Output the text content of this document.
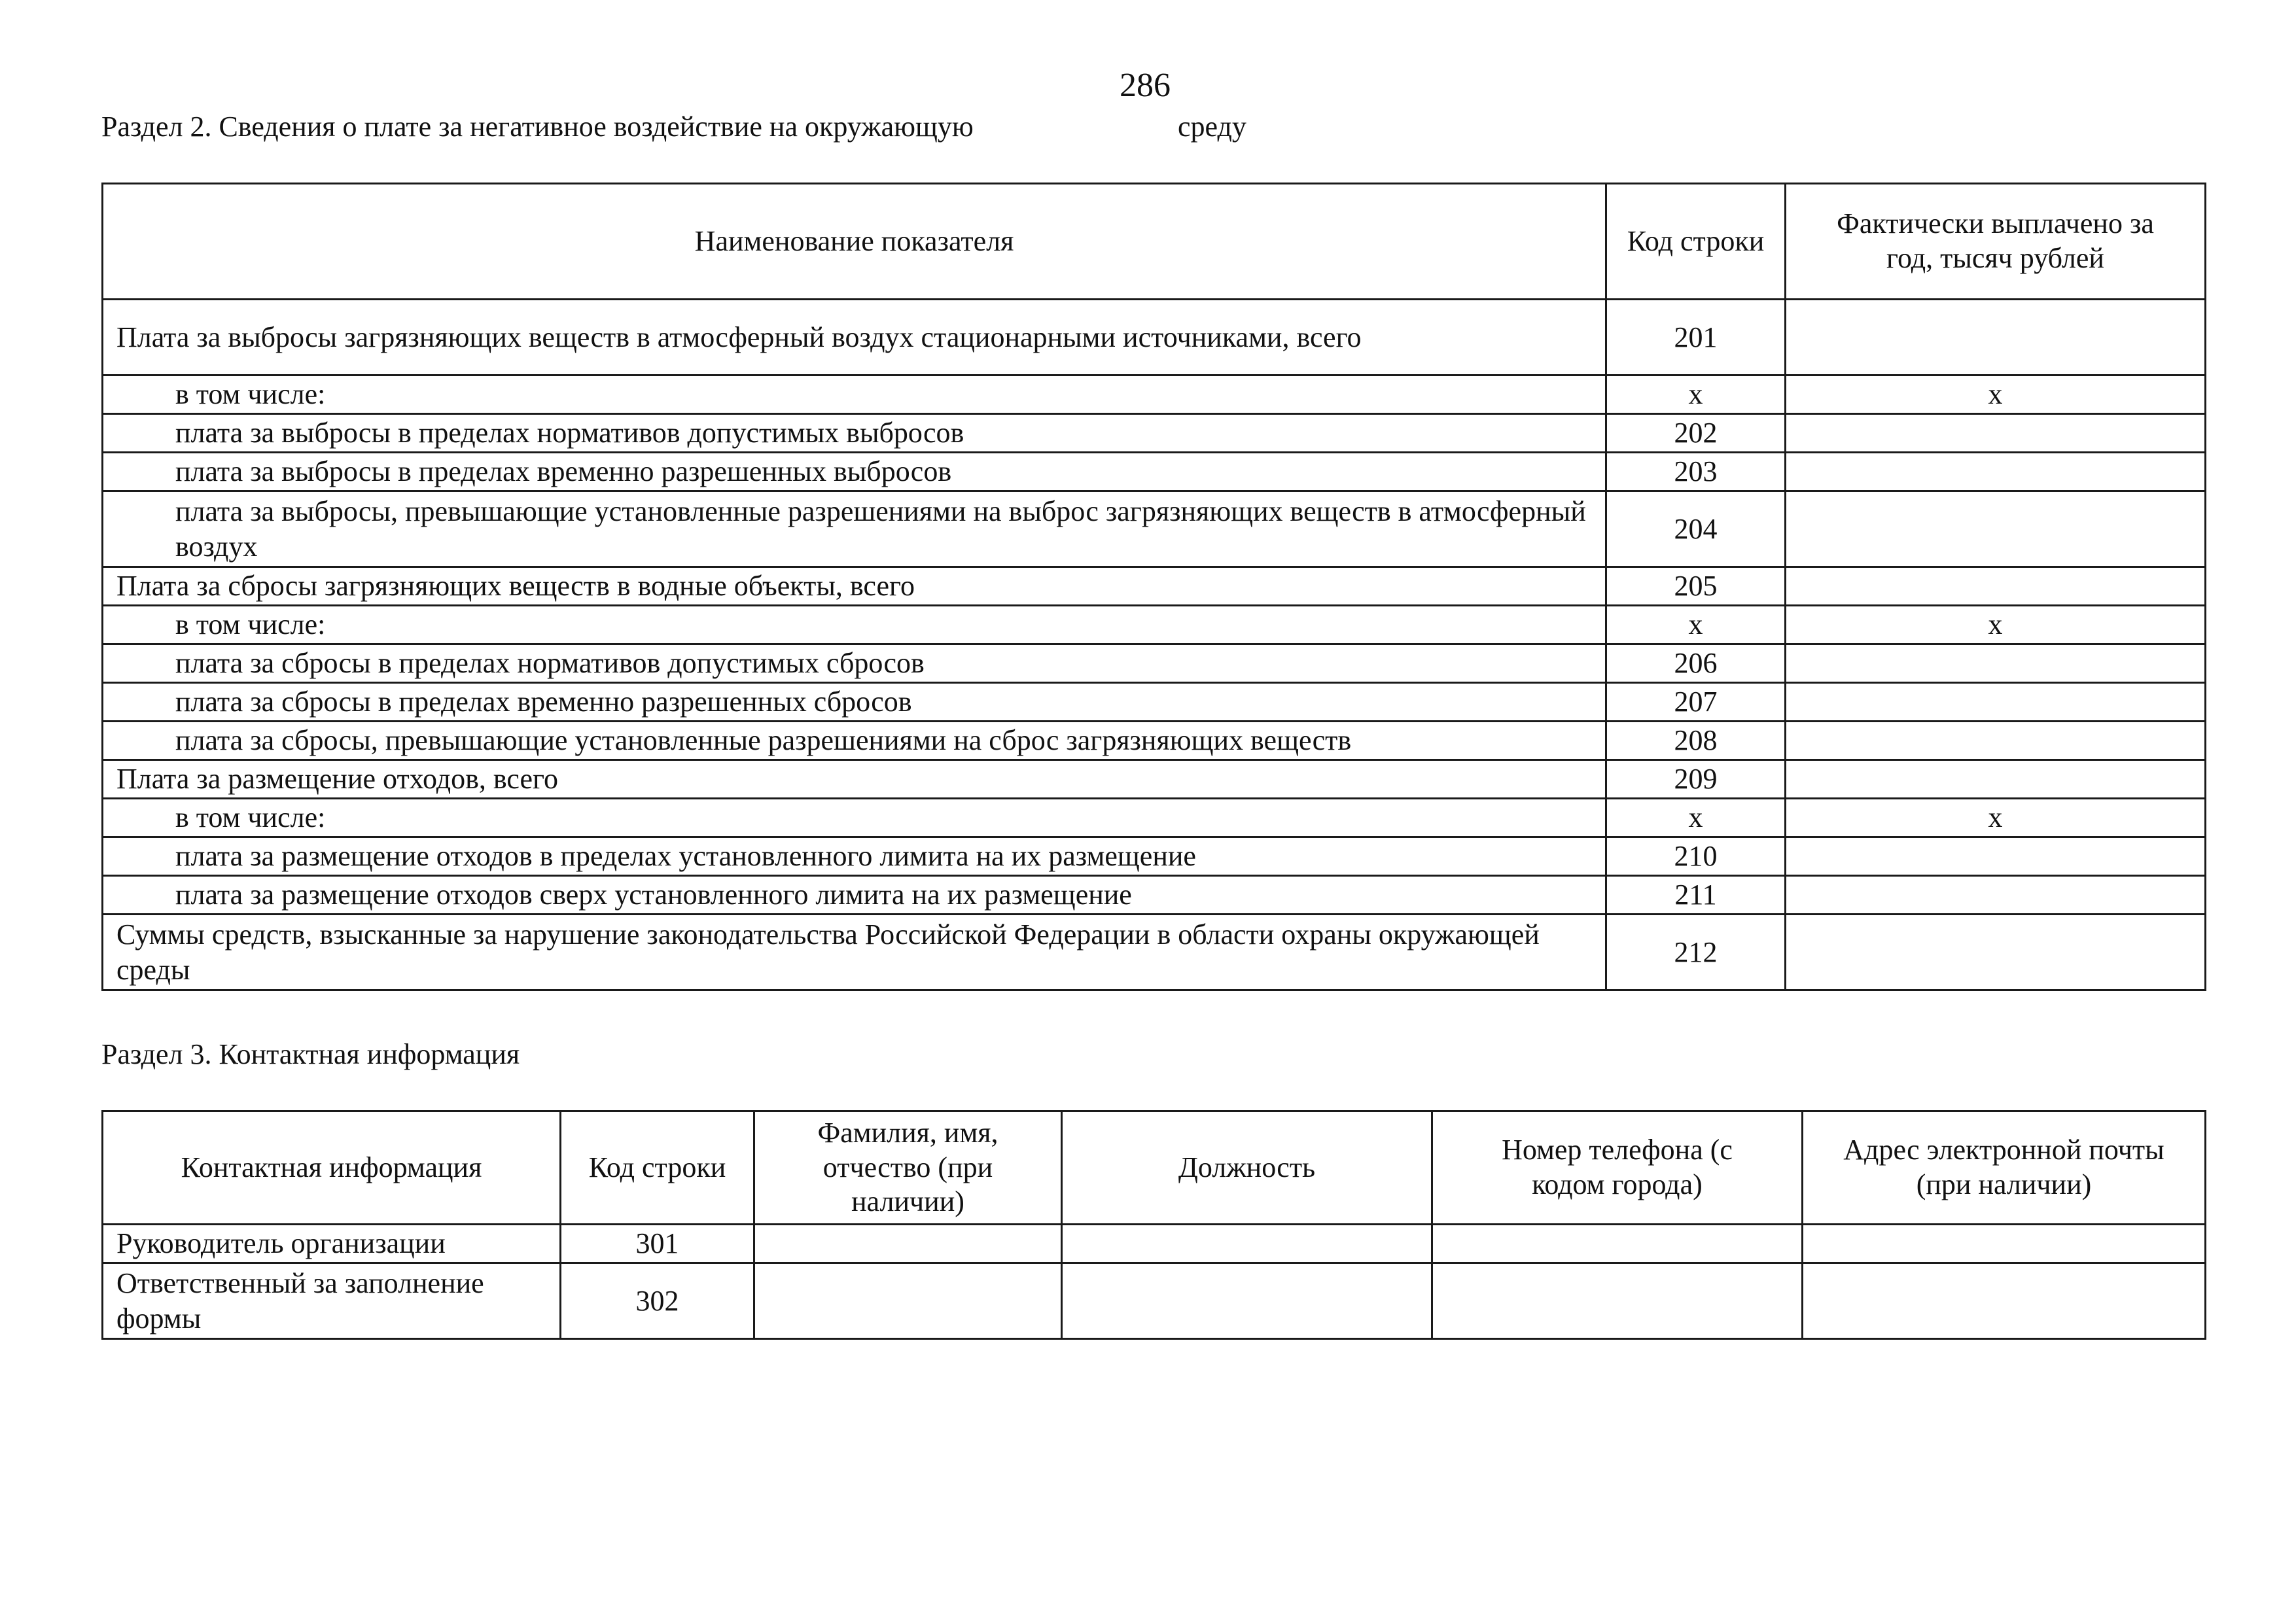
286
Раздел 2. Сведения о плате за негативное воздействие на окружающую	среду
Наименование показателя	Код строки	Фактически выплачено за год, тысяч рублей
Плата за выбросы загрязняющих веществ в атмосферный воздух стационарными источниками, всего	201	
в том числе:	х	х
плата за выбросы в пределах нормативов допустимых выбросов	202	
плата за выбросы в пределах временно разрешенных выбросов	203	
плата за выбросы, превышающие установленные разрешениями на выброс загрязняющих веществ в атмосферный воздух	204	
Плата за сбросы загрязняющих веществ в водные объекты, всего	205	
в том числе:	х	х
плата за сбросы в пределах нормативов допустимых сбросов	206	
плата за сбросы в пределах временно разрешенных сбросов	207	
плата за сбросы, превышающие установленные разрешениями на сброс загрязняющих веществ	208	
Плата за размещение отходов, всего	209	
в том числе:	х	х
плата за размещение отходов в пределах установленного лимита на их размещение	210	
плата за размещение отходов сверх установленного лимита на их размещение	211	
Суммы средств, взысканные за нарушение законодательства Российской Федерации в области охраны окружающей среды	212	
Раздел 3. Контактная информация
Контактная информация	Код строки	Фамилия, имя, отчество (при наличии)	Должность	Номер телефона (с кодом города)	Адрес электронной почты (при наличии)
Руководитель организации	301				
Ответственный за заполнение формы	302				
